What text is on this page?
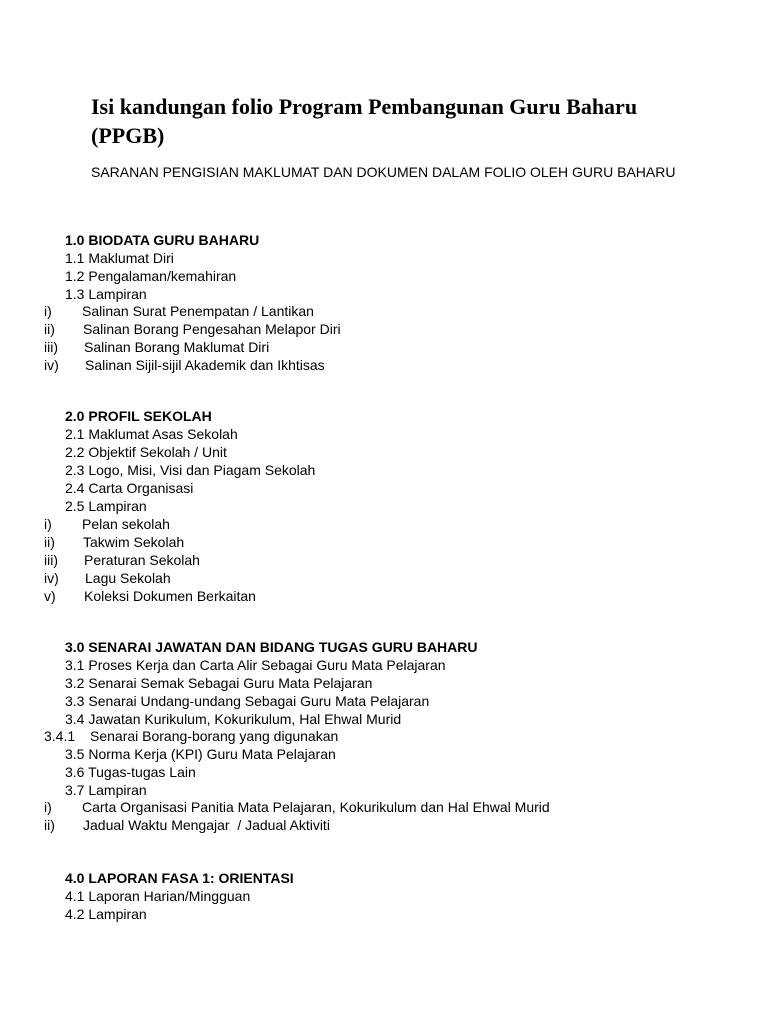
Isi kandungan folio Program Pembangunan Guru Baharu (PPGB)

SARANAN PENGISIAN MAKLUMAT DAN DOKUMEN DALAM FOLIO OLEH GURU BAHARU

1.0 BIODATA GURU BAHARU
1.1 Maklumat Diri
1.2 Pengalaman/kemahiran
1.3 Lampiran
i) Salinan Surat Penempatan / Lantikan
ii) Salinan Borang Pengesahan Melapor Diri
iii) Salinan Borang Maklumat Diri
iv) Salinan Sijil-sijil Akademik dan Ikhtisas
2.0 PROFIL SEKOLAH
2.1 Maklumat Asas Sekolah
2.2 Objektif Sekolah / Unit
2.3 Logo, Misi, Visi dan Piagam Sekolah
2.4 Carta Organisasi
2.5 Lampiran
i) Pelan sekolah
ii) Takwim Sekolah
iii) Peraturan Sekolah
iv) Lagu Sekolah
v) Koleksi Dokumen Berkaitan
3.0 SENARAI JAWATAN DAN BIDANG TUGAS GURU BAHARU
3.1 Proses Kerja dan Carta Alir Sebagai Guru Mata Pelajaran
3.2 Senarai Semak Sebagai Guru Mata Pelajaran
3.3 Senarai Undang-undang Sebagai Guru Mata Pelajaran
3.4 Jawatan Kurikulum, Kokurikulum, Hal Ehwal Murid
3.4.1 Senarai Borang-borang yang digunakan
3.5 Norma Kerja (KPI) Guru Mata Pelajaran
3.6 Tugas-tugas Lain
3.7 Lampiran
i) Carta Organisasi Panitia Mata Pelajaran, Kokurikulum dan Hal Ehwal Murid
ii) Jadual Waktu Mengajar  / Jadual Aktiviti
4.0 LAPORAN FASA 1: ORIENTASI
4.1 Laporan Harian/Mingguan
4.2 Lampiran
